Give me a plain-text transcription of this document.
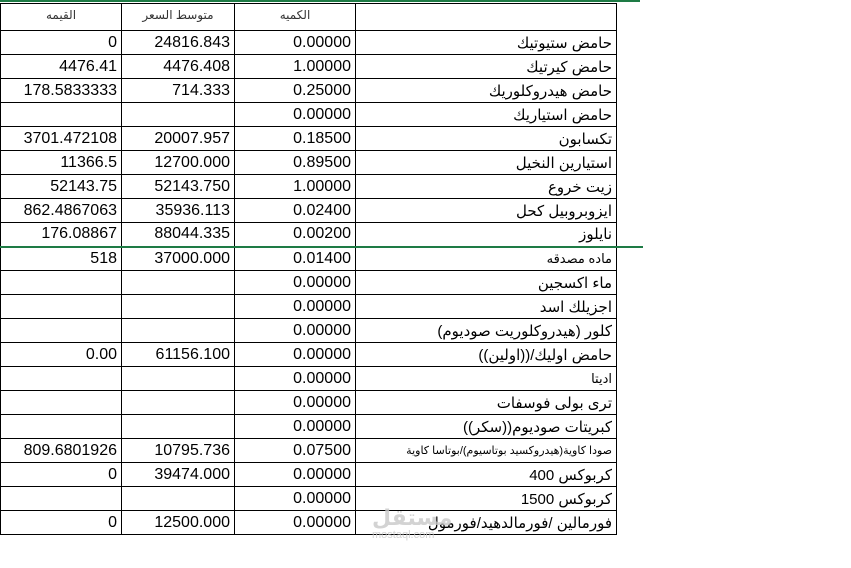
القيمه	متوسط السعر	الكميه		
0	24816.843	0.00000	حامض ستيوتيك	
4476.41	4476.408	1.00000	حامض كيرتيك	
178.5833333	714.333	0.25000	حامض هيدروكلوريك	
		0.00000	حامض استياريك	
3701.472108	20007.957	0.18500	تكسابون	
11366.5	12700.000	0.89500	استيارين النخيل	
52143.75	52143.750	1.00000	زيت خروع	
862.4867063	35936.113	0.02400	ايزوبروبيل كحل	
176.08867	88044.335	0.00200	نايلوز	
518	37000.000	0.01400	ماده مصدقه	
		0.00000	ماء اكسجين	
		0.00000	اجزيلك اسد	
		0.00000	كلور (هيدروكلوريت صوديوم)	
0.00	61156.100	0.00000	حامض اوليك/((اولين))	
		0.00000	اديتا	
		0.00000	ترى بولى فوسفات	
		0.00000	كبريتات صوديوم((سكر))	
809.6801926	10795.736	0.07500	صودا كاوية(هيدروكسيد بوتاسيوم)/بوتاسا كاوية	
0	39474.000	0.00000	كربوكس 400	
		0.00000	كربوكس 1500	
0	12500.000	0.00000	فورمالين /فورمالدهيد/فورمول	
مستقل
mostaql.com
